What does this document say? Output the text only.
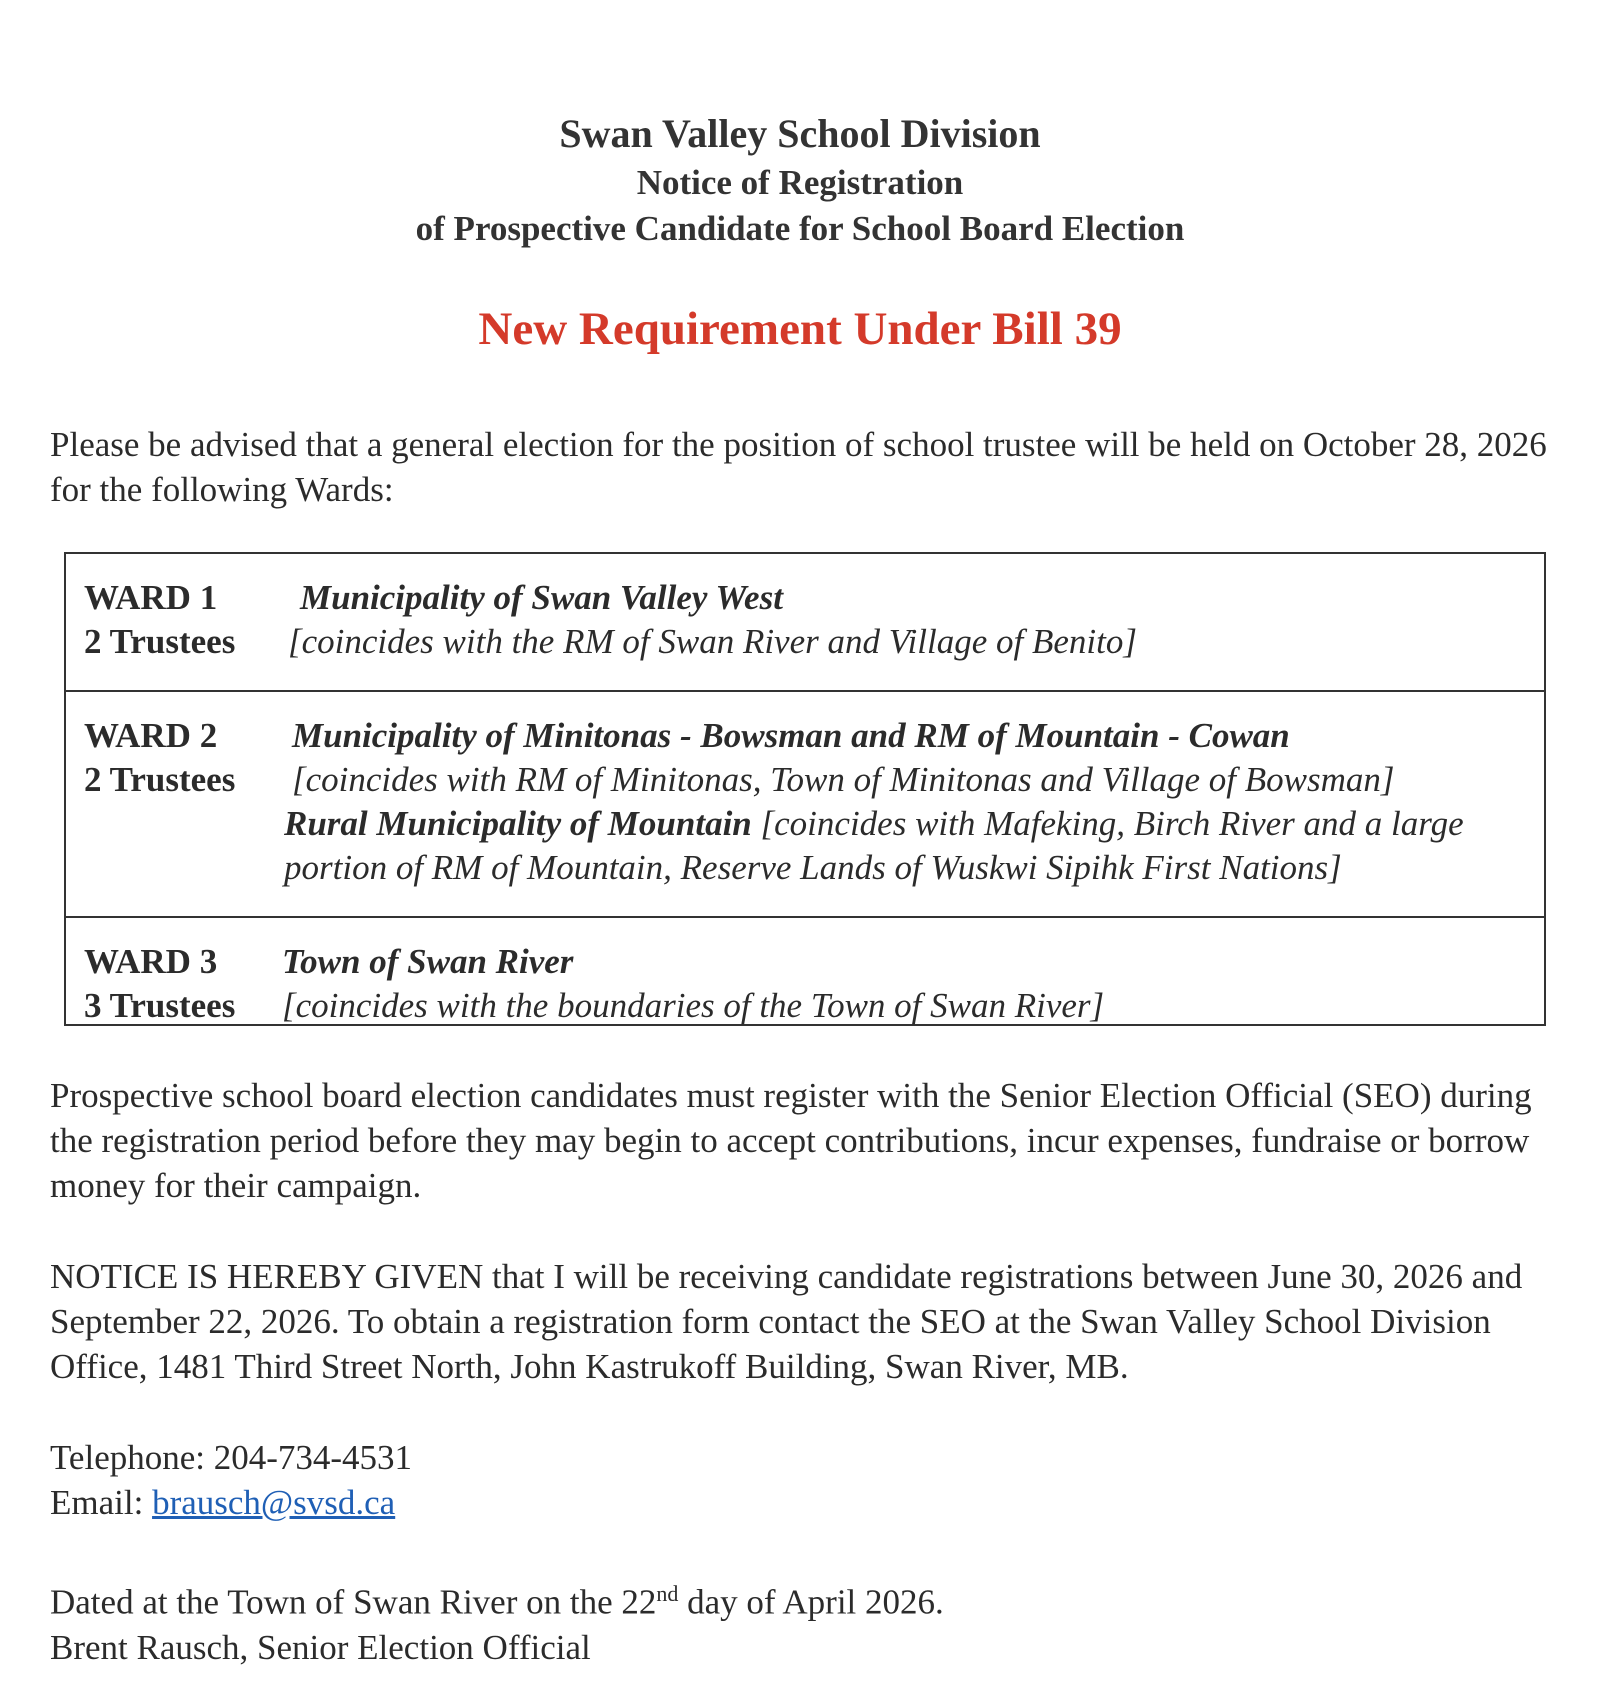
Swan Valley School Division
Notice of Registration
of Prospective Candidate for School Board Election
New Requirement Under Bill 39
Please be advised that a general election for the position of school trustee will be held on October 28, 2026 for the following Wards:
WARD 1
2 Trustees
Municipality of Swan Valley West
[coincides with the RM of Swan River and Village of Benito]
WARD 2
2 Trustees
Municipality of Minitonas - Bowsman and RM of Mountain - Cowan
[coincides with RM of Minitonas, Town of Minitonas and Village of Bowsman]
Rural Municipality of Mountain [coincides with Mafeking, Birch River and a large portion of RM of Mountain, Reserve Lands of Wuskwi Sipihk First Nations]
WARD 3
3 Trustees
Town of Swan River
[coincides with the boundaries of the Town of Swan River]
Prospective school board election candidates must register with the Senior Election Official (SEO) during the registration period before they may begin to accept contributions, incur expenses, fundraise or borrow money for their campaign.
NOTICE IS HEREBY GIVEN that I will be receiving candidate registrations between June 30, 2026 and September 22, 2026. To obtain a registration form contact the SEO at the Swan Valley School Division Office, 1481 Third Street North, John Kastrukoff Building, Swan River, MB.
Telephone: 204-734-4531
Email: brausch@svsd.ca
Dated at the Town of Swan River on the 22nd day of April 2026.
Brent Rausch, Senior Election Official
